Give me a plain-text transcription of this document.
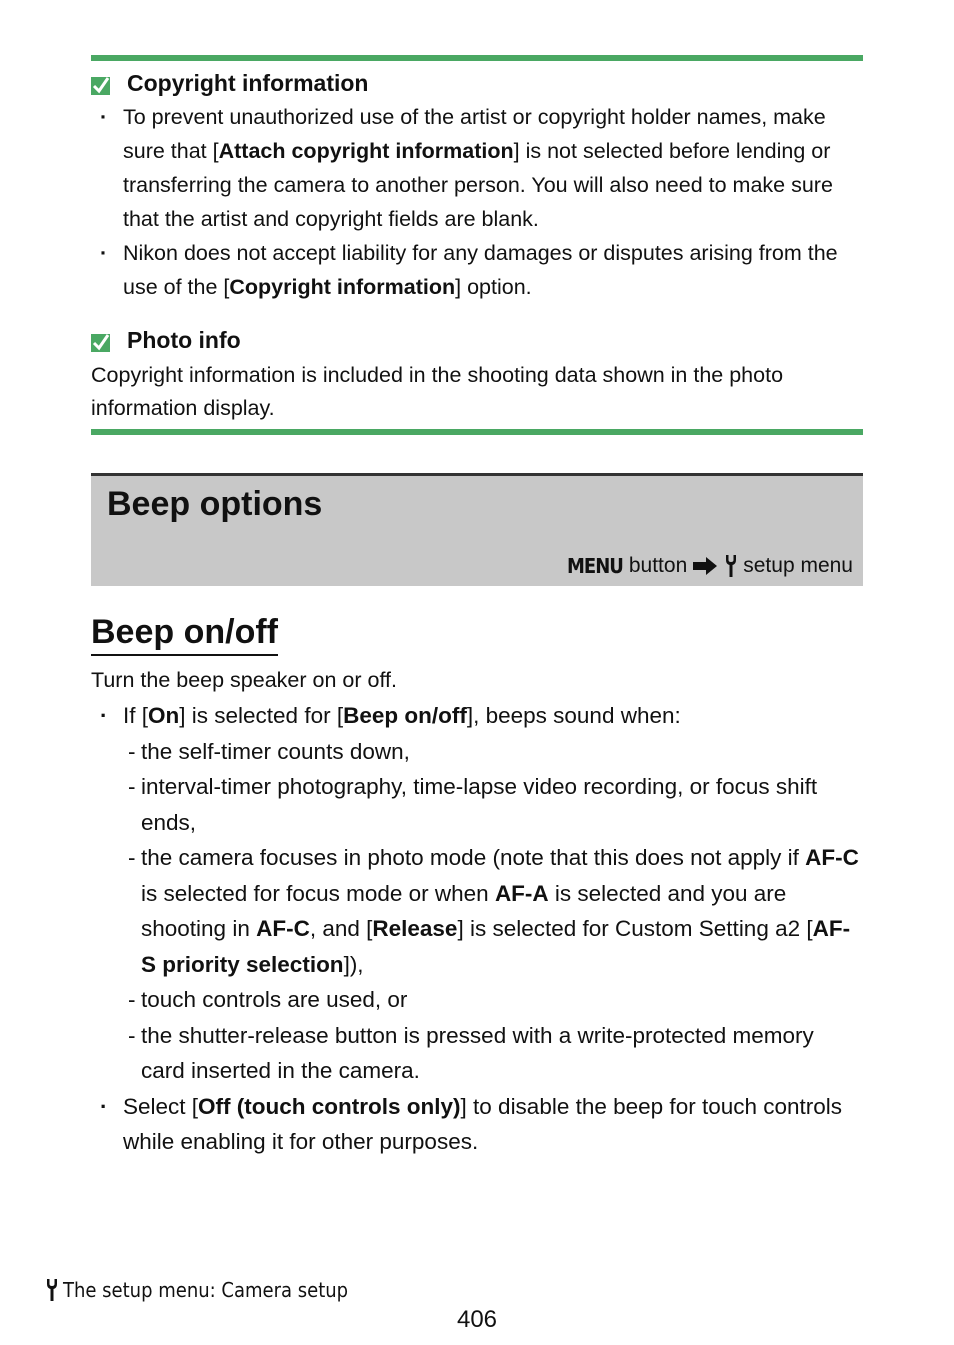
Copyright information
· To prevent unauthorized use of the artist or copyright holder names, make sure that [Attach copyright information] is not selected before lending or transferring the camera to another person. You will also need to make sure that the artist and copyright fields are blank.
· Nikon does not accept liability for any damages or disputes arising from the use of the [Copyright information] option.
Photo info
Copyright information is included in the shooting data shown in the photo information display.
Beep options
MENU button	setup menu
Beep on/off
Turn the beep speaker on or off.
· If [On] is selected for [Beep on/off], beeps sound when:
- the self-timer counts down,
- interval-timer photography, time-lapse video recording, or focus shift ends,
- the camera focuses in photo mode (note that this does not apply if AF-C is selected for focus mode or when AF-A is selected and you are shooting in AF-C, and [Release] is selected for Custom Setting a2 [AF-S priority selection]),
- touch controls are used, or
- the shutter-release button is pressed with a write-protected memory card inserted in the camera.
· Select [Off (touch controls only)] to disable the beep for touch controls while enabling it for other purposes.
The setup menu: Camera setup
406
